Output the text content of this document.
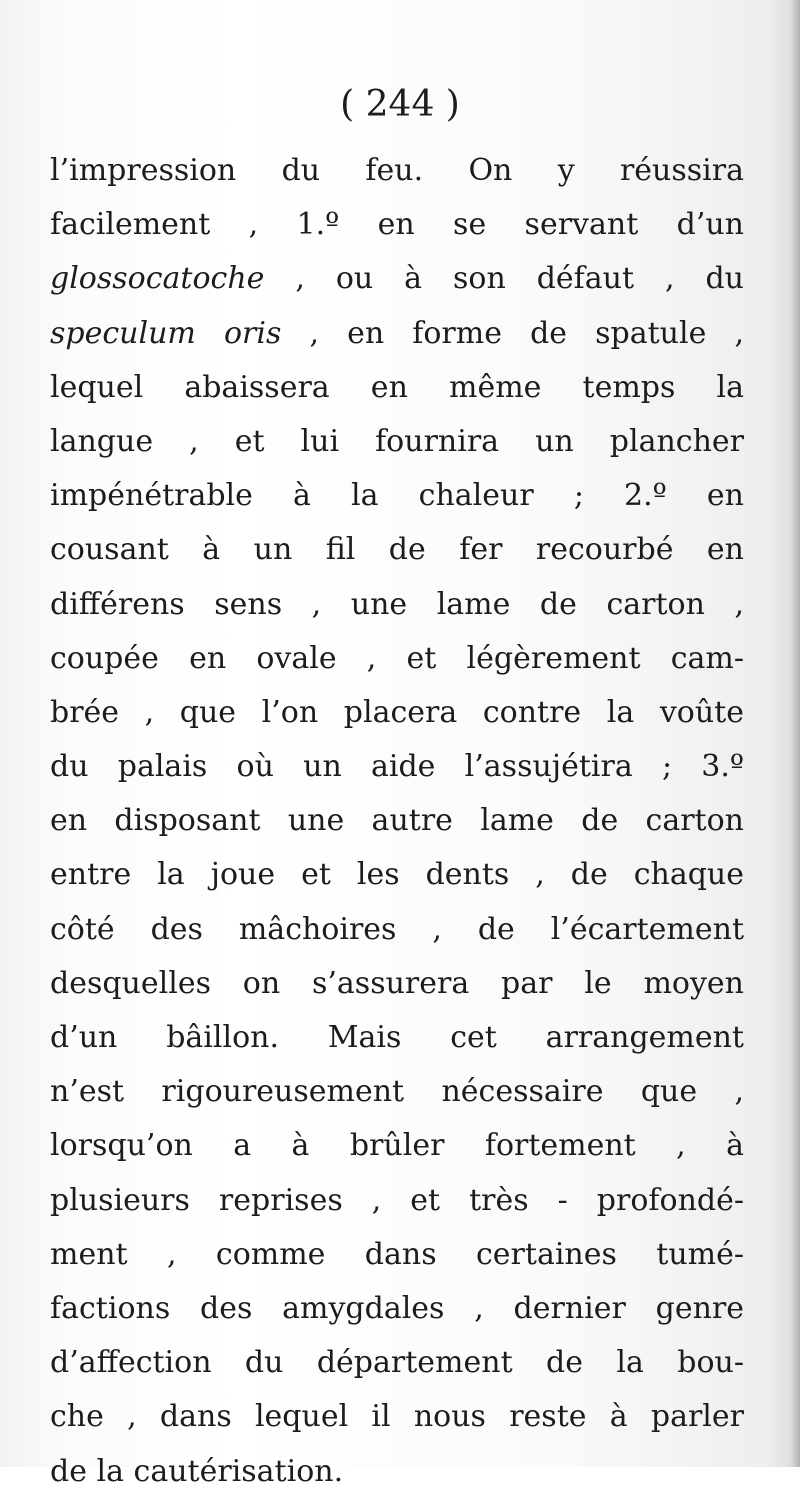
( 244 )
l’impression du feu. On y réussira
facilement , 1.º en se servant d’un
glossocatoche , ou à son défaut , du
speculum oris , en forme de spatule ,
lequel abaissera en même temps la
langue , et lui fournira un plancher
impénétrable à la chaleur ; 2.º en
cousant à un fil de fer recourbé en
différens sens , une lame de carton ,
coupée en ovale , et légèrement cam-
brée , que l’on placera contre la voûte
du palais où un aide l’assujétira ; 3.º
en disposant une autre lame de carton
entre la joue et les dents , de chaque
côté des mâchoires , de l’écartement
desquelles on s’assurera par le moyen
d’un bâillon. Mais cet arrangement
n’est rigoureusement nécessaire que ,
lorsqu’on a à brûler fortement , à
plusieurs reprises , et très - profondé-
ment , comme dans certaines tumé-
factions des amygdales , dernier genre
d’affection du département de la bou-
che , dans lequel il nous reste à parler
de la cautérisation.
